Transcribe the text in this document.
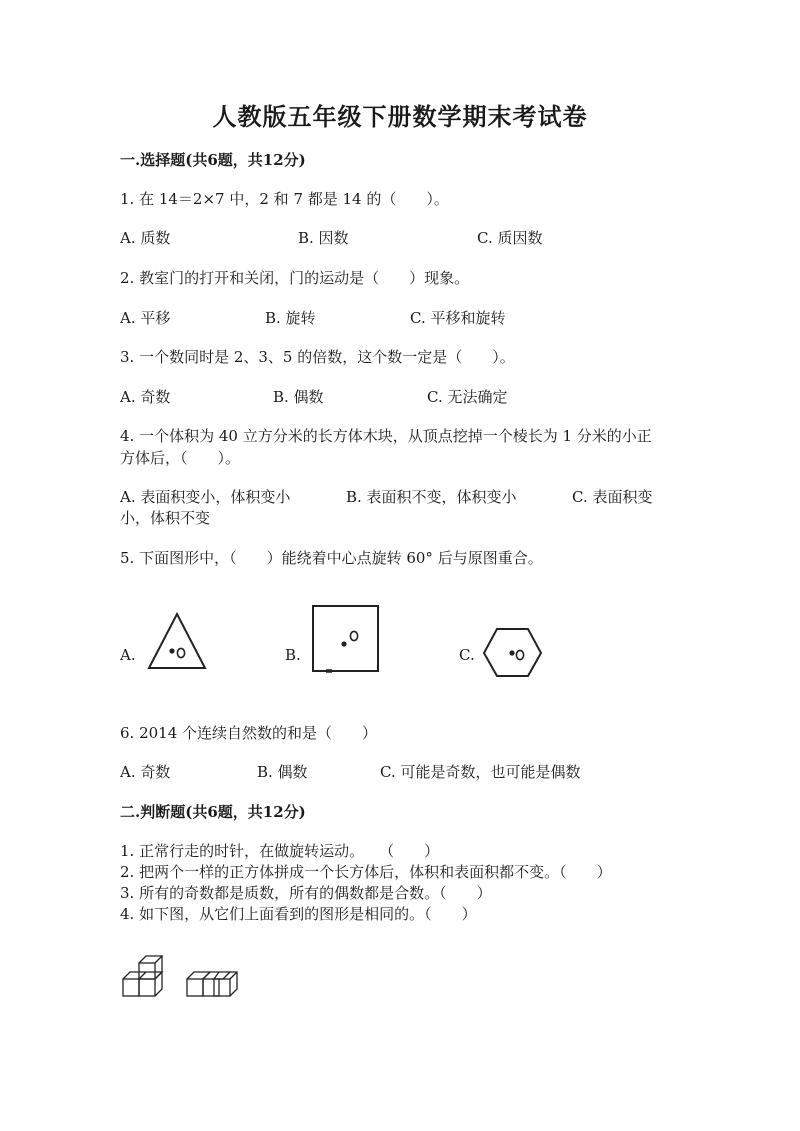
人教版五年级下册数学期末考试卷
一.选择题(共6题，共12分)
1. 在 14＝2×7 中，2 和 7 都是 14 的（　　）。
A. 质数	B. 因数	C. 质因数
2. 教室门的打开和关闭，门的运动是（　　）现象。
A. 平移	B. 旋转	C. 平移和旋转
3. 一个数同时是 2、3、5 的倍数，这个数一定是（　　）。
A. 奇数	B. 偶数	C. 无法确定
4. 一个体积为 40 立方分米的长方体木块，从顶点挖掉一个棱长为 1 分米的小正
方体后，（　　）。
A. 表面积变小，体积变小	B. 表面积不变，体积变小	C. 表面积变
小，体积不变
5. 下面图形中，（　　）能绕着中心点旋转 60° 后与原图重合。
A.	B.	C.
6. 2014 个连续自然数的和是（　　）
A. 奇数	B. 偶数	C. 可能是奇数，也可能是偶数
二.判断题(共6题，共12分)
1. 正常行走的时针，在做旋转运动。　　（　　）
2. 把两个一样的正方体拼成一个长方体后，体积和表面积都不变。（　　）
3. 所有的奇数都是质数，所有的偶数都是合数。（　　）
4. 如下图，从它们上面看到的图形是相同的。（　　）
